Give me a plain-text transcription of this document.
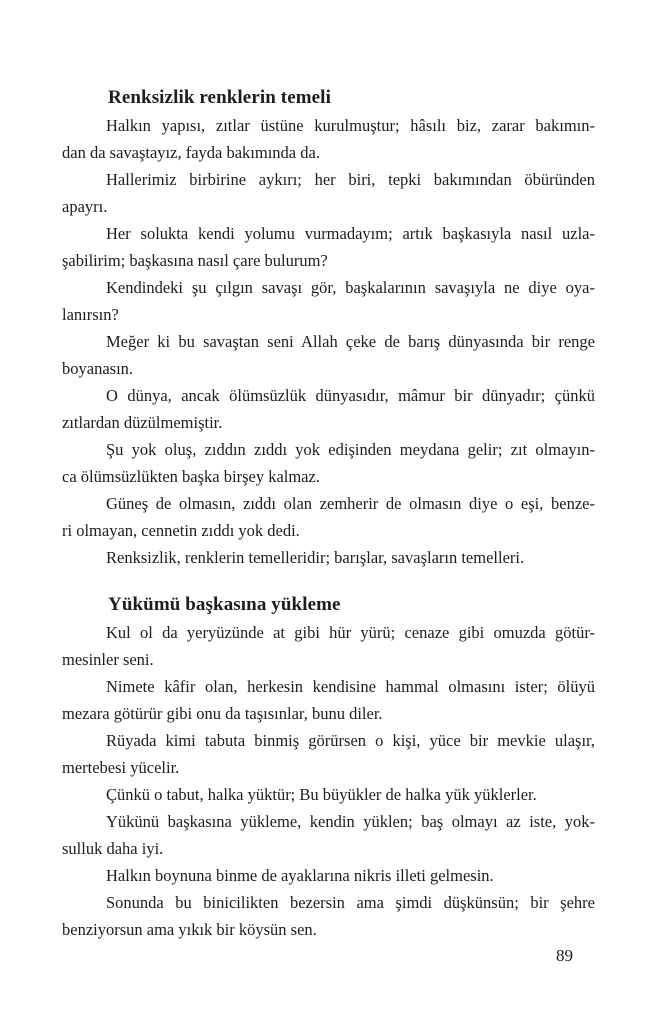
Renksizlik renklerin temeli

Halkın yapısı, zıtlar üstüne kurulmuştur; hâsılı biz, zarar bakımın-
dan da savaştayız, fayda bakımında da.

Hallerimiz birbirine aykırı; her biri, tepki bakımından öbüründen
apayrı.

Her solukta kendi yolumu vurmadayım; artık başkasıyla nasıl uzla-
şabilirim; başkasına nasıl çare bulurum?

Kendindeki şu çılgın savaşı gör, başkalarının savaşıyla ne diye oya-
lanırsın?

Meğer ki bu savaştan seni Allah çeke de barış dünyasında bir renge
boyanasın.

O dünya, ancak ölümsüzlük dünyasıdır, mâmur bir dünyadır; çünkü
zıtlardan düzülmemiştir.

Şu yok oluş, zıddın zıddı yok edişinden meydana gelir; zıt olmayın-
ca ölümsüzlükten başka birşey kalmaz.

Güneş de olmasın, zıddı olan zemherir de olmasın diye o eşi, benze-
ri olmayan, cennetin zıddı yok dedi.

Renksizlik, renklerin temelleridir; barışlar, savaşların temelleri.

Yükümü başkasına yükleme

Kul ol da yeryüzünde at gibi hür yürü; cenaze gibi omuzda götür-
mesinler seni.

Nimete kâfir olan, herkesin kendisine hammal olmasını ister; ölüyü
mezara götürür gibi onu da taşısınlar, bunu diler.

Rüyada kimi tabuta binmiş görürsen o kişi, yüce bir mevkie ulaşır,
mertebesi yücelir.

Çünkü o tabut, halka yüktür; Bu büyükler de halka yük yüklerler.

Yükünü başkasına yükleme, kendin yüklen; baş olmayı az iste, yok-
sulluk daha iyi.

Halkın boynuna binme de ayaklarına nikris illeti gelmesin.

Sonunda bu binicilikten bezersin ama şimdi düşkünsün; bir şehre
benziyorsun ama yıkık bir köysün sen.

89
